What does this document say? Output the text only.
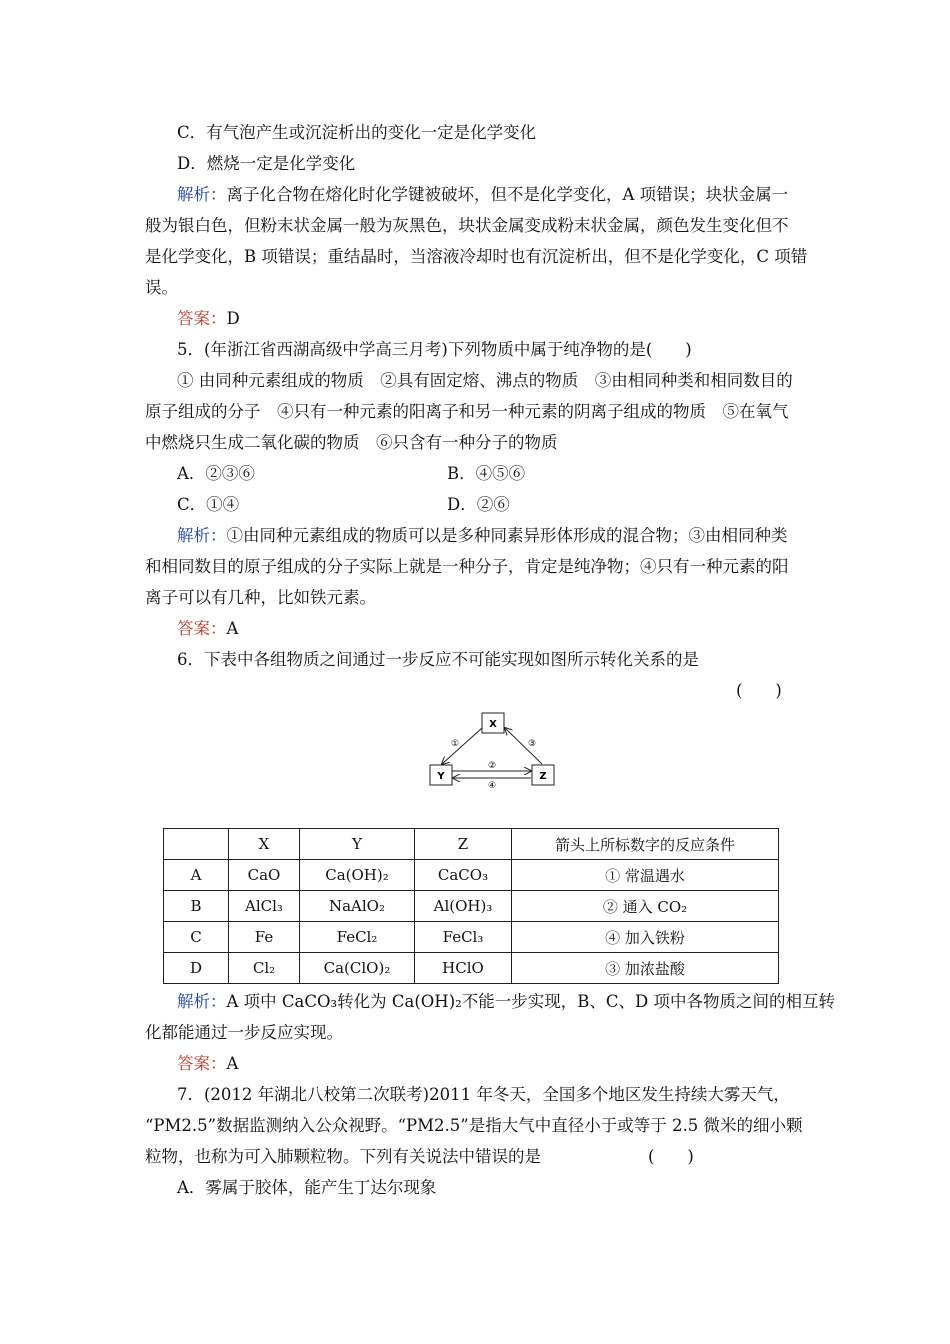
C．有气泡产生或沉淀析出的变化一定是化学变化
D．燃烧一定是化学变化
解析：离子化合物在熔化时化学键被破坏，但不是化学变化，A 项错误；块状金属一
般为银白色，但粉末状金属一般为灰黑色，块状金属变成粉末状金属，颜色发生变化但不
是化学变化，B 项错误；重结晶时，当溶液冷却时也有沉淀析出，但不是化学变化，C 项错
误。
答案：D
5．(年浙江省西湖高级中学高三月考)下列物质中属于纯净物的是(　　)
① 由同种元素组成的物质　②具有固定熔、沸点的物质　③由相同种类和相同数目的
原子组成的分子　④只有一种元素的阳离子和另一种元素的阴离子组成的物质　⑤在氧气
中燃烧只生成二氧化碳的物质　⑥只含有一种分子的物质
A．②③⑥	B．④⑤⑥
C．①④	D．②⑥
解析：①由同种元素组成的物质可以是多种同素异形体形成的混合物；③由相同种类
和相同数目的原子组成的分子实际上就是一种分子，肯定是纯净物；④只有一种元素的阳
离子可以有几种，比如铁元素。
答案：A
6．下表中各组物质之间通过一步反应不可能实现如图所示转化关系的是
(　　)
X
Y	Z
①	③
②
④
	X	Y	Z	箭头上所标数字的反应条件
A	CaO	Ca(OH)₂	CaCO₃	① 常温遇水
B	AlCl₃	NaAlO₂	Al(OH)₃	② 通入 CO₂
C	Fe	FeCl₂	FeCl₃	④ 加入铁粉
D	Cl₂	Ca(ClO)₂	HClO	③ 加浓盐酸
解析：A 项中 CaCO₃转化为 Ca(OH)₂不能一步实现，B、C、D 项中各物质之间的相互转
化都能通过一步反应实现。
答案：A
7．(2012 年湖北八校第二次联考)2011 年冬天，全国多个地区发生持续大雾天气，
“PM2.5”数据监测纳入公众视野。“PM2.5”是指大气中直径小于或等于 2.5 微米的细小颗
粒物，也称为可入肺颗粒物。下列有关说法中错误的是	(　　)
A．雾属于胶体，能产生丁达尔现象
